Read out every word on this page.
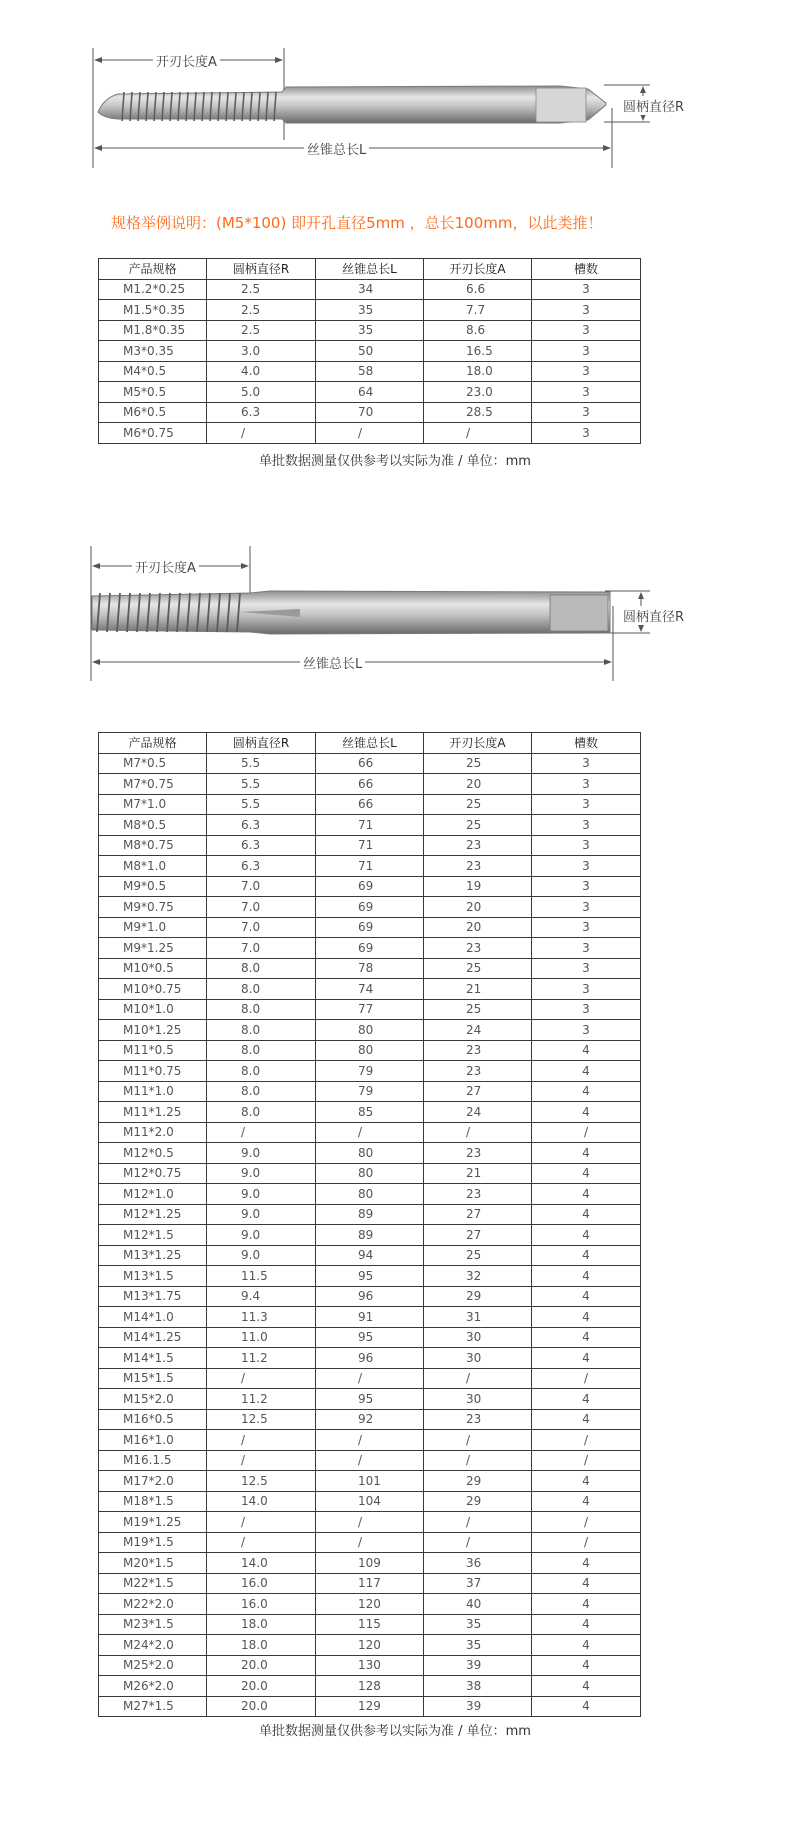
开刃长度A
圆柄直径R
丝锥总长L
规格举例说明：(M5*100) 即开孔直径5mm ，总长100mm，以此类推！
产品规格	圆柄直径R	丝锥总长L	开刃长度A	槽数
M1.2*0.25	2.5	34	6.6	3
M1.5*0.35	2.5	35	7.7	3
M1.8*0.35	2.5	35	8.6	3
M3*0.35	3.0	50	16.5	3
M4*0.5	4.0	58	18.0	3
M5*0.5	5.0	64	23.0	3
M6*0.5	6.3	70	28.5	3
M6*0.75	/	/	/	3
单批数据测量仅供参考以实际为准 / 单位：mm
开刃长度A
圆柄直径R
丝锥总长L
产品规格	圆柄直径R	丝锥总长L	开刃长度A	槽数
M7*0.5	5.5	66	25	3
M7*0.75	5.5	66	20	3
M7*1.0	5.5	66	25	3
M8*0.5	6.3	71	25	3
M8*0.75	6.3	71	23	3
M8*1.0	6.3	71	23	3
M9*0.5	7.0	69	19	3
M9*0.75	7.0	69	20	3
M9*1.0	7.0	69	20	3
M9*1.25	7.0	69	23	3
M10*0.5	8.0	78	25	3
M10*0.75	8.0	74	21	3
M10*1.0	8.0	77	25	3
M10*1.25	8.0	80	24	3
M11*0.5	8.0	80	23	4
M11*0.75	8.0	79	23	4
M11*1.0	8.0	79	27	4
M11*1.25	8.0	85	24	4
M11*2.0	/	/	/	/
M12*0.5	9.0	80	23	4
M12*0.75	9.0	80	21	4
M12*1.0	9.0	80	23	4
M12*1.25	9.0	89	27	4
M12*1.5	9.0	89	27	4
M13*1.25	9.0	94	25	4
M13*1.5	11.5	95	32	4
M13*1.75	9.4	96	29	4
M14*1.0	11.3	91	31	4
M14*1.25	11.0	95	30	4
M14*1.5	11.2	96	30	4
M15*1.5	/	/	/	/
M15*2.0	11.2	95	30	4
M16*0.5	12.5	92	23	4
M16*1.0	/	/	/	/
M16.1.5	/	/	/	/
M17*2.0	12.5	101	29	4
M18*1.5	14.0	104	29	4
M19*1.25	/	/	/	/
M19*1.5	/	/	/	/
M20*1.5	14.0	109	36	4
M22*1.5	16.0	117	37	4
M22*2.0	16.0	120	40	4
M23*1.5	18.0	115	35	4
M24*2.0	18.0	120	35	4
M25*2.0	20.0	130	39	4
M26*2.0	20.0	128	38	4
M27*1.5	20.0	129	39	4
单批数据测量仅供参考以实际为准 / 单位：mm
